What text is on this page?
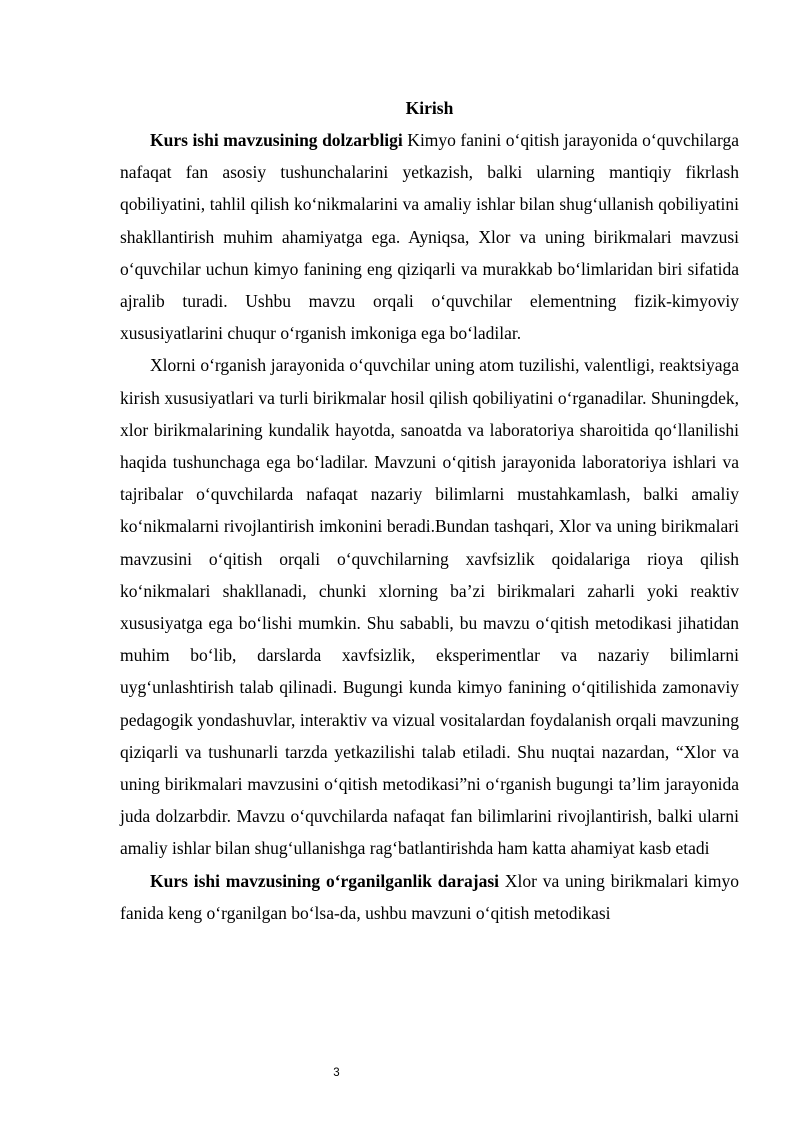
Kirish

Kurs ishi mavzusining dolzarbligi Kimyo fanini o‘qitish jarayonida o‘quvchilarga nafaqat fan asosiy tushunchalarini yetkazish, balki ularning mantiqiy fikrlash qobiliyatini, tahlil qilish ko‘nikmalarini va amaliy ishlar bilan shug‘ullanish qobiliyatini shakllantirish muhim ahamiyatga ega. Ayniqsa, Xlor va uning birikmalari mavzusi o‘quvchilar uchun kimyo fanining eng qiziqarli va murakkab bo‘limlaridan biri sifatida ajralib turadi. Ushbu mavzu orqali o‘quvchilar elementning fizik-kimyoviy xususiyatlarini chuqur o‘rganish imkoniga ega bo‘ladilar.

Xlorni o‘rganish jarayonida o‘quvchilar uning atom tuzilishi, valentligi, reaktsiyaga kirish xususiyatlari va turli birikmalar hosil qilish qobiliyatini o‘rganadilar. Shuningdek, xlor birikmalarining kundalik hayotda, sanoatda va laboratoriya sharoitida qo‘llanilishi haqida tushunchaga ega bo‘ladilar. Mavzuni o‘qitish jarayonida laboratoriya ishlari va tajribalar o‘quvchilarda nafaqat nazariy bilimlarni mustahkamlash, balki amaliy ko‘nikmalarni rivojlantirish imkonini beradi.Bundan tashqari, Xlor va uning birikmalari mavzusini o‘qitish orqali o‘quvchilarning xavfsizlik qoidalariga rioya qilish ko‘nikmalari shakllanadi, chunki xlorning ba’zi birikmalari zaharli yoki reaktiv xususiyatga ega bo‘lishi mumkin. Shu sababli, bu mavzu o‘qitish metodikasi jihatidan muhim bo‘lib, darslarda xavfsizlik, eksperimentlar va nazariy bilimlarni uyg‘unlashtirish talab qilinadi. Bugungi kunda kimyo fanining o‘qitilishida zamonaviy pedagogik yondashuvlar, interaktiv va vizual vositalardan foydalanish orqali mavzuning qiziqarli va tushunarli tarzda yetkazilishi talab etiladi. Shu nuqtai nazardan, “Xlor va uning birikmalari mavzusini o‘qitish metodikasi”ni o‘rganish bugungi ta’lim jarayonida juda dolzarbdir. Mavzu o‘quvchilarda nafaqat fan bilimlarini rivojlantirish, balki ularni amaliy ishlar bilan shug‘ullanishga rag‘batlantirishda ham katta ahamiyat kasb etadi

Kurs ishi mavzusining o‘rganilganlik darajasi Xlor va uning birikmalari kimyo fanida keng o‘rganilgan bo‘lsa-da, ushbu mavzuni o‘qitish metodikasi

3
